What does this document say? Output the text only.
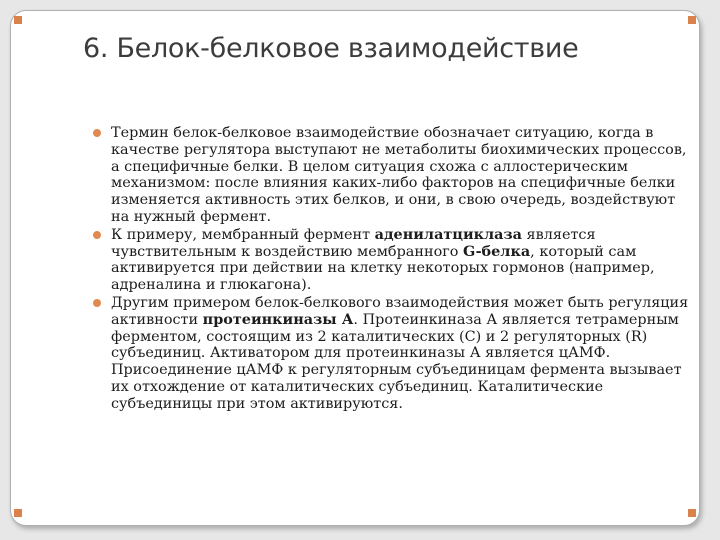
6. Белок-белковое взаимодействие
Термин белок-белковое взаимодействие обозначает ситуацию, когда в качестве регулятора выступают не метаболиты биохимических процессов, а специфичные белки. В целом ситуация схожа с аллостерическим механизмом: после влияния каких-либо факторов на специфичные белки изменяется активность этих белков, и они, в свою очередь, воздействуют на нужный фермент.
К примеру, мембранный фермент аденилатциклаза является чувствительным к воздействию мембранного G-белка, который сам активируется при действии на клетку некоторых гормонов (например, адреналина и глюкагона).
Другим примером белок-белкового взаимодействия может быть регуляция активности протеинкиназы А. Протеинкиназа А является тетрамерным ферментом, состоящим из 2 каталитических (С) и 2 регуляторных (R) субъединиц. Активатором для протеинкиназы А является цАМФ. Присоединение цАМФ к регуляторным субъединицам фермента вызывает их отхождение от каталитических субъединиц. Каталитические субъединицы при этом активируются.
